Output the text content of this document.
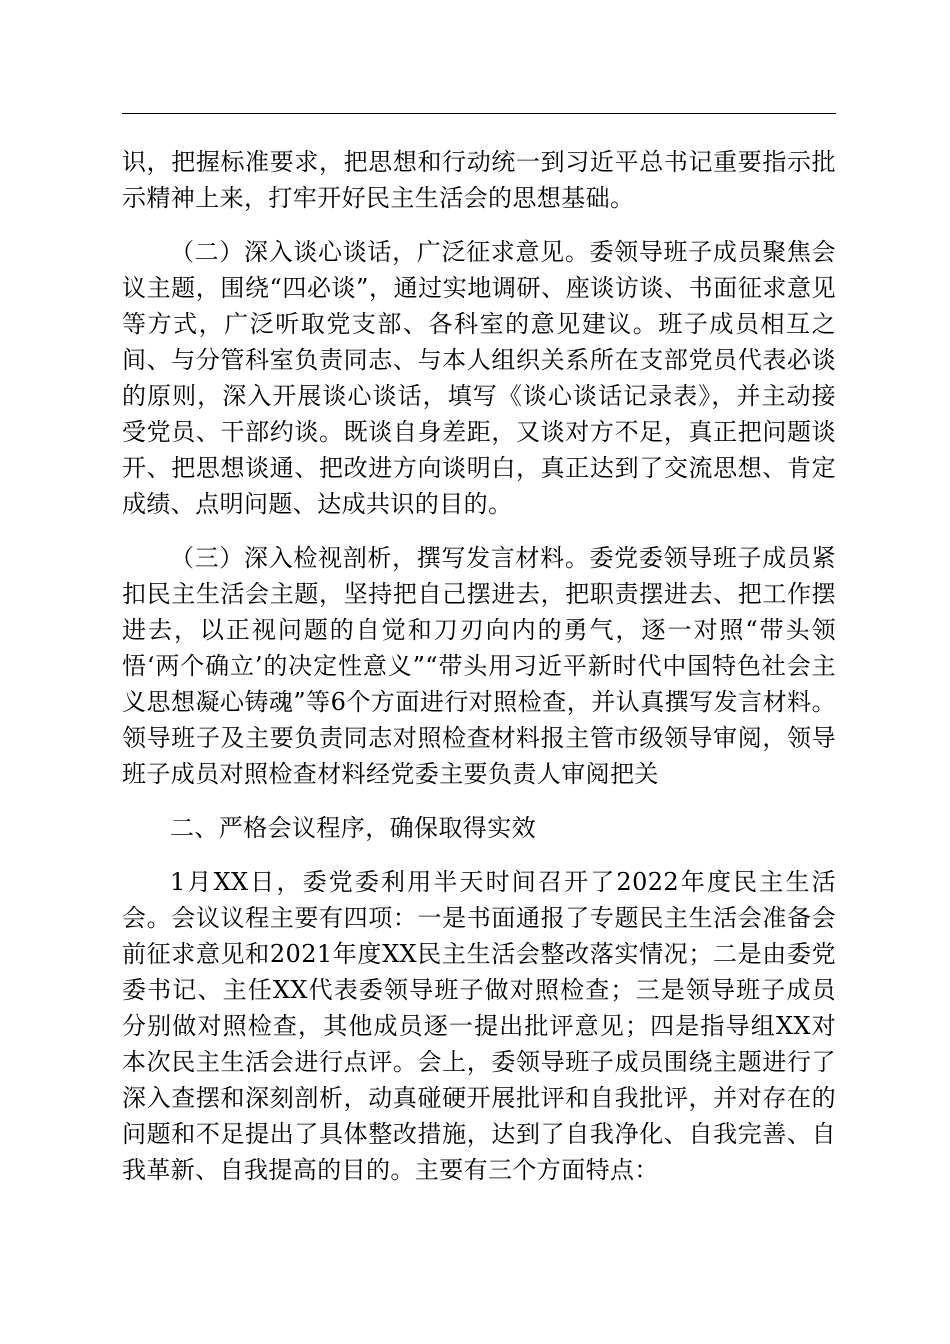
识，把握标准要求，把思想和行动统一到习近平总书记重要指示批示精神上来，打牢开好民主生活会的思想基础。

（二）深入谈心谈话，广泛征求意见。委领导班子成员聚焦会议主题，围绕“四必谈”，通过实地调研、座谈访谈、书面征求意见等方式，广泛听取党支部、各科室的意见建议。班子成员相互之间、与分管科室负责同志、与本人组织关系所在支部党员代表必谈的原则，深入开展谈心谈话，填写《谈心谈话记录表》，并主动接受党员、干部约谈。既谈自身差距，又谈对方不足，真正把问题谈开、把思想谈通、把改进方向谈明白，真正达到了交流思想、肯定成绩、点明问题、达成共识的目的。

（三）深入检视剖析，撰写发言材料。委党委领导班子成员紧扣民主生活会主题，坚持把自己摆进去，把职责摆进去、把工作摆进去，以正视问题的自觉和刀刃向内的勇气，逐一对照“带头领悟‘两个确立’的决定性意义”“带头用习近平新时代中国特色社会主义思想凝心铸魂”等6个方面进行对照检查，并认真撰写发言材料。领导班子及主要负责同志对照检查材料报主管市级领导审阅，领导班子成员对照检查材料经党委主要负责人审阅把关

二、严格会议程序，确保取得实效

1月XX日，委党委利用半天时间召开了2022年度民主生活会。会议议程主要有四项：一是书面通报了专题民主生活会准备会前征求意见和2021年度XX民主生活会整改落实情况；二是由委党委书记、主任XX代表委领导班子做对照检查；三是领导班子成员分别做对照检查，其他成员逐一提出批评意见；四是指导组XX对本次民主生活会进行点评。会上，委领导班子成员围绕主题进行了深入查摆和深刻剖析，动真碰硬开展批评和自我批评，并对存在的问题和不足提出了具体整改措施，达到了自我净化、自我完善、自我革新、自我提高的目的。主要有三个方面特点：
